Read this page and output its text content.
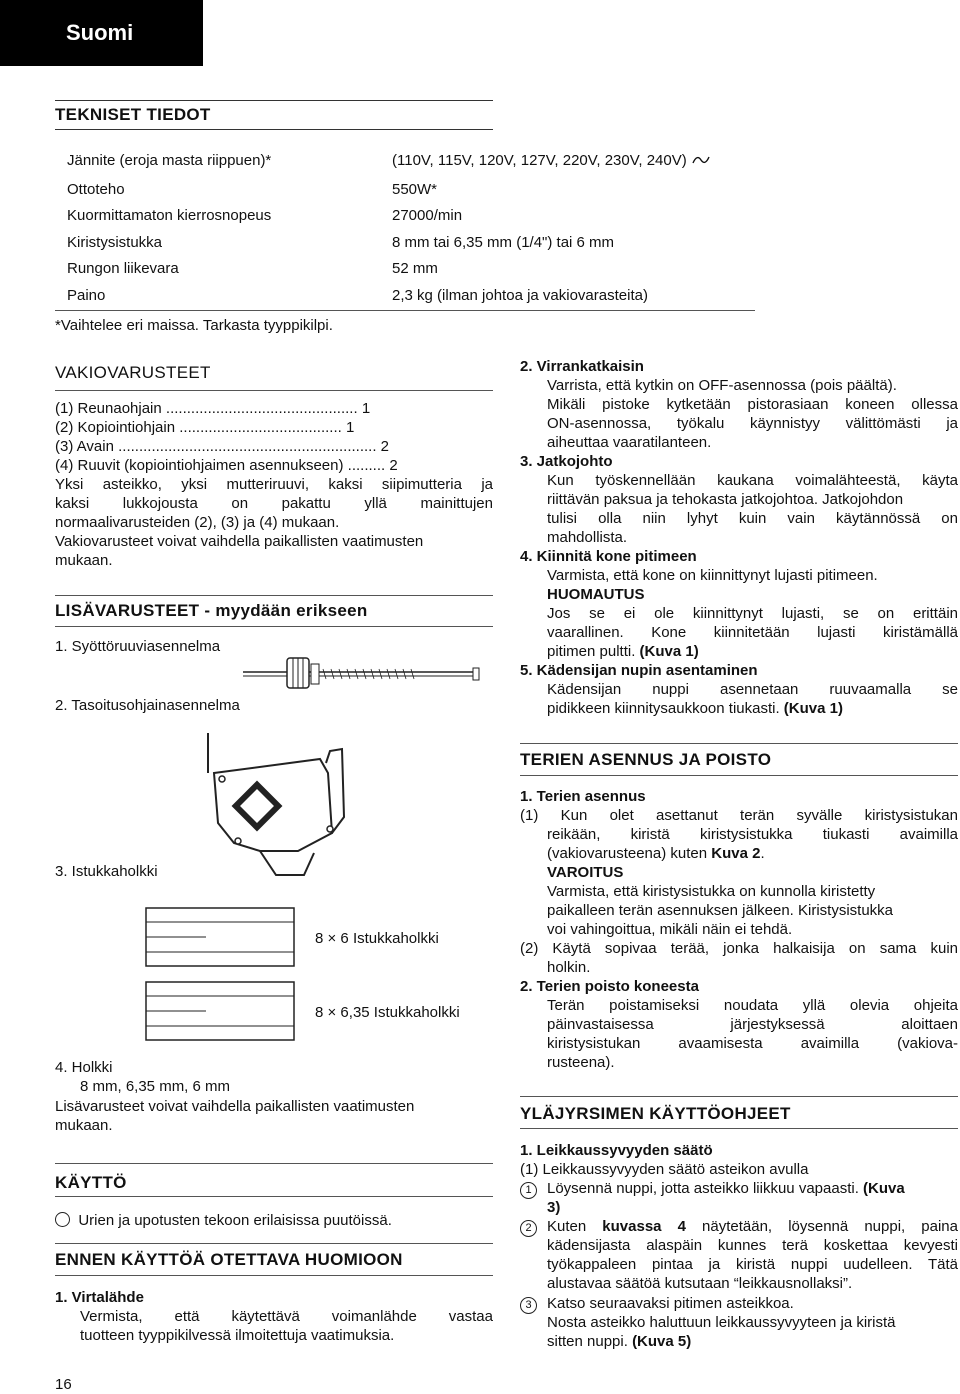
Suomi
TEKNISET TIEDOT
Jännite (eroja masta riippuen)*	(110V, 115V, 120V, 127V, 220V, 230V, 240V)
Ottoteho	550W*
Kuormittamaton kierrosnopeus	27000/min
Kiristysistukka	8 mm tai 6,35 mm (1/4") tai 6 mm
Rungon liikevara	52 mm
Paino	2,3 kg (ilman johtoa ja vakiovarasteita)
*Vaihtelee eri maissa. Tarkasta tyyppikilpi.
VAKIOVARUSTEET
(1) Reunaohjain .............................................. 1
(2) Kopiointiohjain ....................................... 1
(3) Avain .............................................................. 2
(4) Ruuvit (kopiointiohjaimen asennukseen) ......... 2
Yksi asteikko, yksi mutteriruuvi, kaksi siipimutteria ja
kaksi lukkojousta on pakattu yllä mainittujen
normaalivarusteiden (2), (3) ja (4) mukaan.
Vakiovarusteet voivat vaihdella paikallisten vaatimusten
mukaan.
LISÄVARUSTEET - myydään erikseen
1. Syöttöruuviasennelma
2. Tasoitusohjainasennelma
3. Istukkaholkki
8 × 6 Istukkaholkki
8 × 6,35 Istukkaholkki
4. Holkki
8 mm, 6,35 mm, 6 mm
Lisävarusteet voivat vaihdella paikallisten vaatimusten
mukaan.
KÄYTTÖ
Urien ja upotusten tekoon erilaisissa puutöissä.
ENNEN KÄYTTÖÄ OTETTAVA HUOMIOON
1. Virtalähde
Vermista, että käytettävä voimanlähde vastaa
tuotteen tyyppikilvessä ilmoitettuja vaatimuksia.
16
2. Virrankatkaisin
Varrista, että kytkin on OFF-asennossa (pois päältä).
Mikäli pistoke kytketään pistorasiaan koneen ollessa
ON-asennossa, työkalu käynnistyy välittömästi ja
aiheuttaa vaaratilanteen.
3. Jatkojohto
Kun työskennellään kaukana voimalähteestä, käyta
riittävän paksua ja tehokasta jatkojohtoa. Jatkojohdon
tulisi olla niin lyhyt kuin vain käytännössä on
mahdollista.
4. Kiinnitä kone pitimeen
Varmista, että kone on kiinnittynyt lujasti pitimeen.
HUOMAUTUS
Jos se ei ole kiinnittynyt lujasti, se on erittäin
vaarallinen. Kone kiinnitetään lujasti kiristämällä
pitimen pultti. (Kuva 1)
5. Kädensijan nupin asentaminen
Kädensijan nuppi asennetaan ruuvaamalla se
pidikkeen kiinnitysaukkoon tiukasti. (Kuva 1)
TERIEN ASENNUS JA POISTO
1. Terien asennus
(1) Kun olet asettanut terän syvälle kiristysistukan
reikään, kiristä kiristysistukka tiukasti avaimilla
(vakiovarusteena) kuten Kuva 2.
VAROITUS
Varmista, että kiristysistukka on kunnolla kiristetty
paikalleen terän asennuksen jälkeen. Kiristysistukka
voi vahingoittua, mikäli näin ei tehdä.
(2) Käytä sopivaa terää, jonka halkaisija on sama kuin
holkin.
2. Terien poisto koneesta
Terän poistamiseksi noudata yllä olevia ohjeita
päinvastaisessa järjestyksessä aloittaen
kiristysistukan avaamisesta avaimilla (vakiova-
rusteena).
YLÄJYRSIMEN KÄYTTÖOHJEET
1. Leikkaussyvyyden säätö
(1) Leikkaussyvyyden säätö asteikon avulla
1	Löysennä nuppi, jotta asteikko liikkuu vapaasti. (Kuva
3)
2	Kuten kuvassa 4 näytetään, löysennä nuppi, paina
kädensijasta alaspäin kunnes terä koskettaa kevyesti
työkappaleen pintaa ja kiristä nuppi uudelleen. Tätä
alustavaa säätöä kutsutaan “leikkausnollaksi”.
3	Katso seuraavaksi pitimen asteikkoa.
Nosta asteikko haluttuun leikkaussyvyyteen ja kiristä
sitten nuppi. (Kuva 5)
